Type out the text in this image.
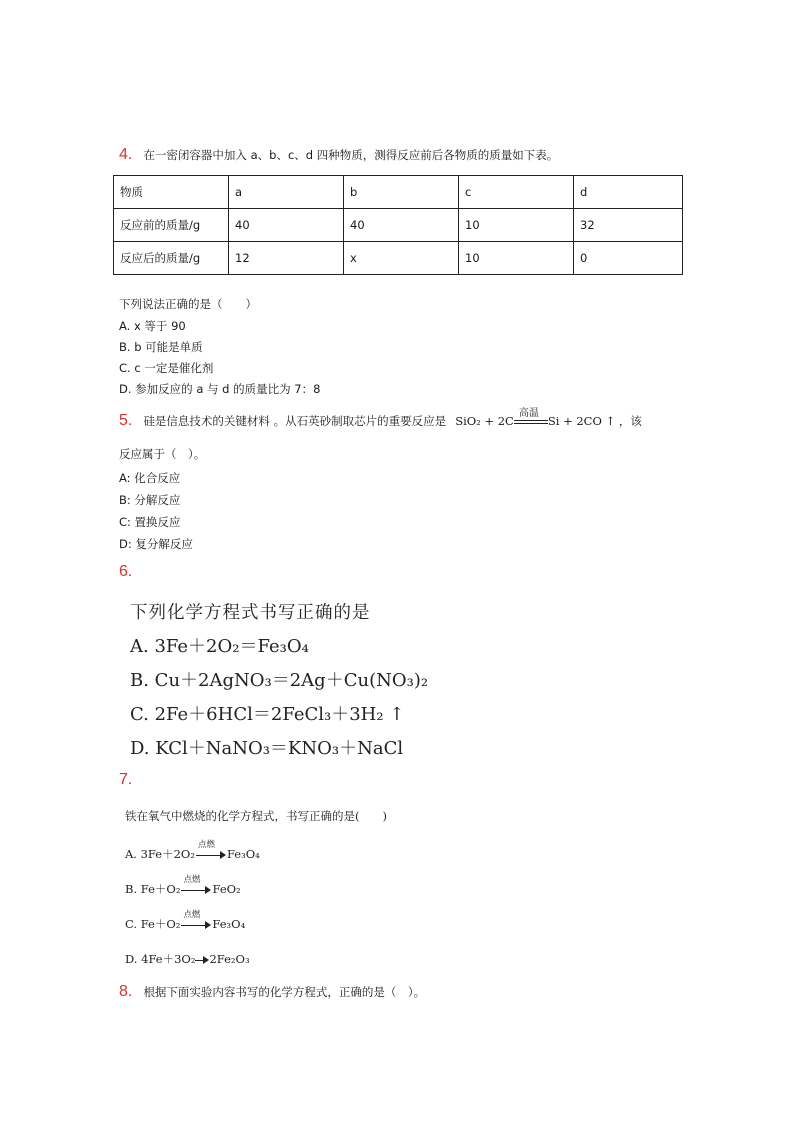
4. 在一密闭容器中加入 a、b、c、d 四种物质，测得反应前后各物质的质量如下表。
物质	a	b	c	d
反应前的质量/g	40	40	10	32
反应后的质量/g	12	x	10	0
下列说法正确的是（　　）
A. x 等于 90
B. b 可能是单质
C. c 一定是催化剂
D. 参加反应的 a 与 d 的质量比为 7：8
5. 硅是信息技术的关键材料 。从石英砂制取芯片的重要反应是 SiO₂ + 2C
高温
Si + 2CO ↑ ，该
反应属于（　）。
A: 化合反应
B: 分解反应
C: 置换反应
D: 复分解反应
6.
下列化学方程式书写正确的是
A. 3Fe＋2O₂＝Fe₃O₄
B. Cu＋2AgNO₃＝2Ag＋Cu(NO₃)₂
C. 2Fe＋6HCl＝2FeCl₃＋3H₂ ↑
D. KCl＋NaNO₃＝KNO₃＋NaCl
7.
铁在氧气中燃烧的化学方程式，书写正确的是(　　)
A. 3Fe＋2O₂
点燃
Fe₃O₄
B. Fe＋O₂
点燃
FeO₂
C. Fe＋O₂
点燃
Fe₃O₄
D. 4Fe＋3O₂ 2Fe₂O₃
8. 根据下面实验内容书写的化学方程式，正确的是（　）。
